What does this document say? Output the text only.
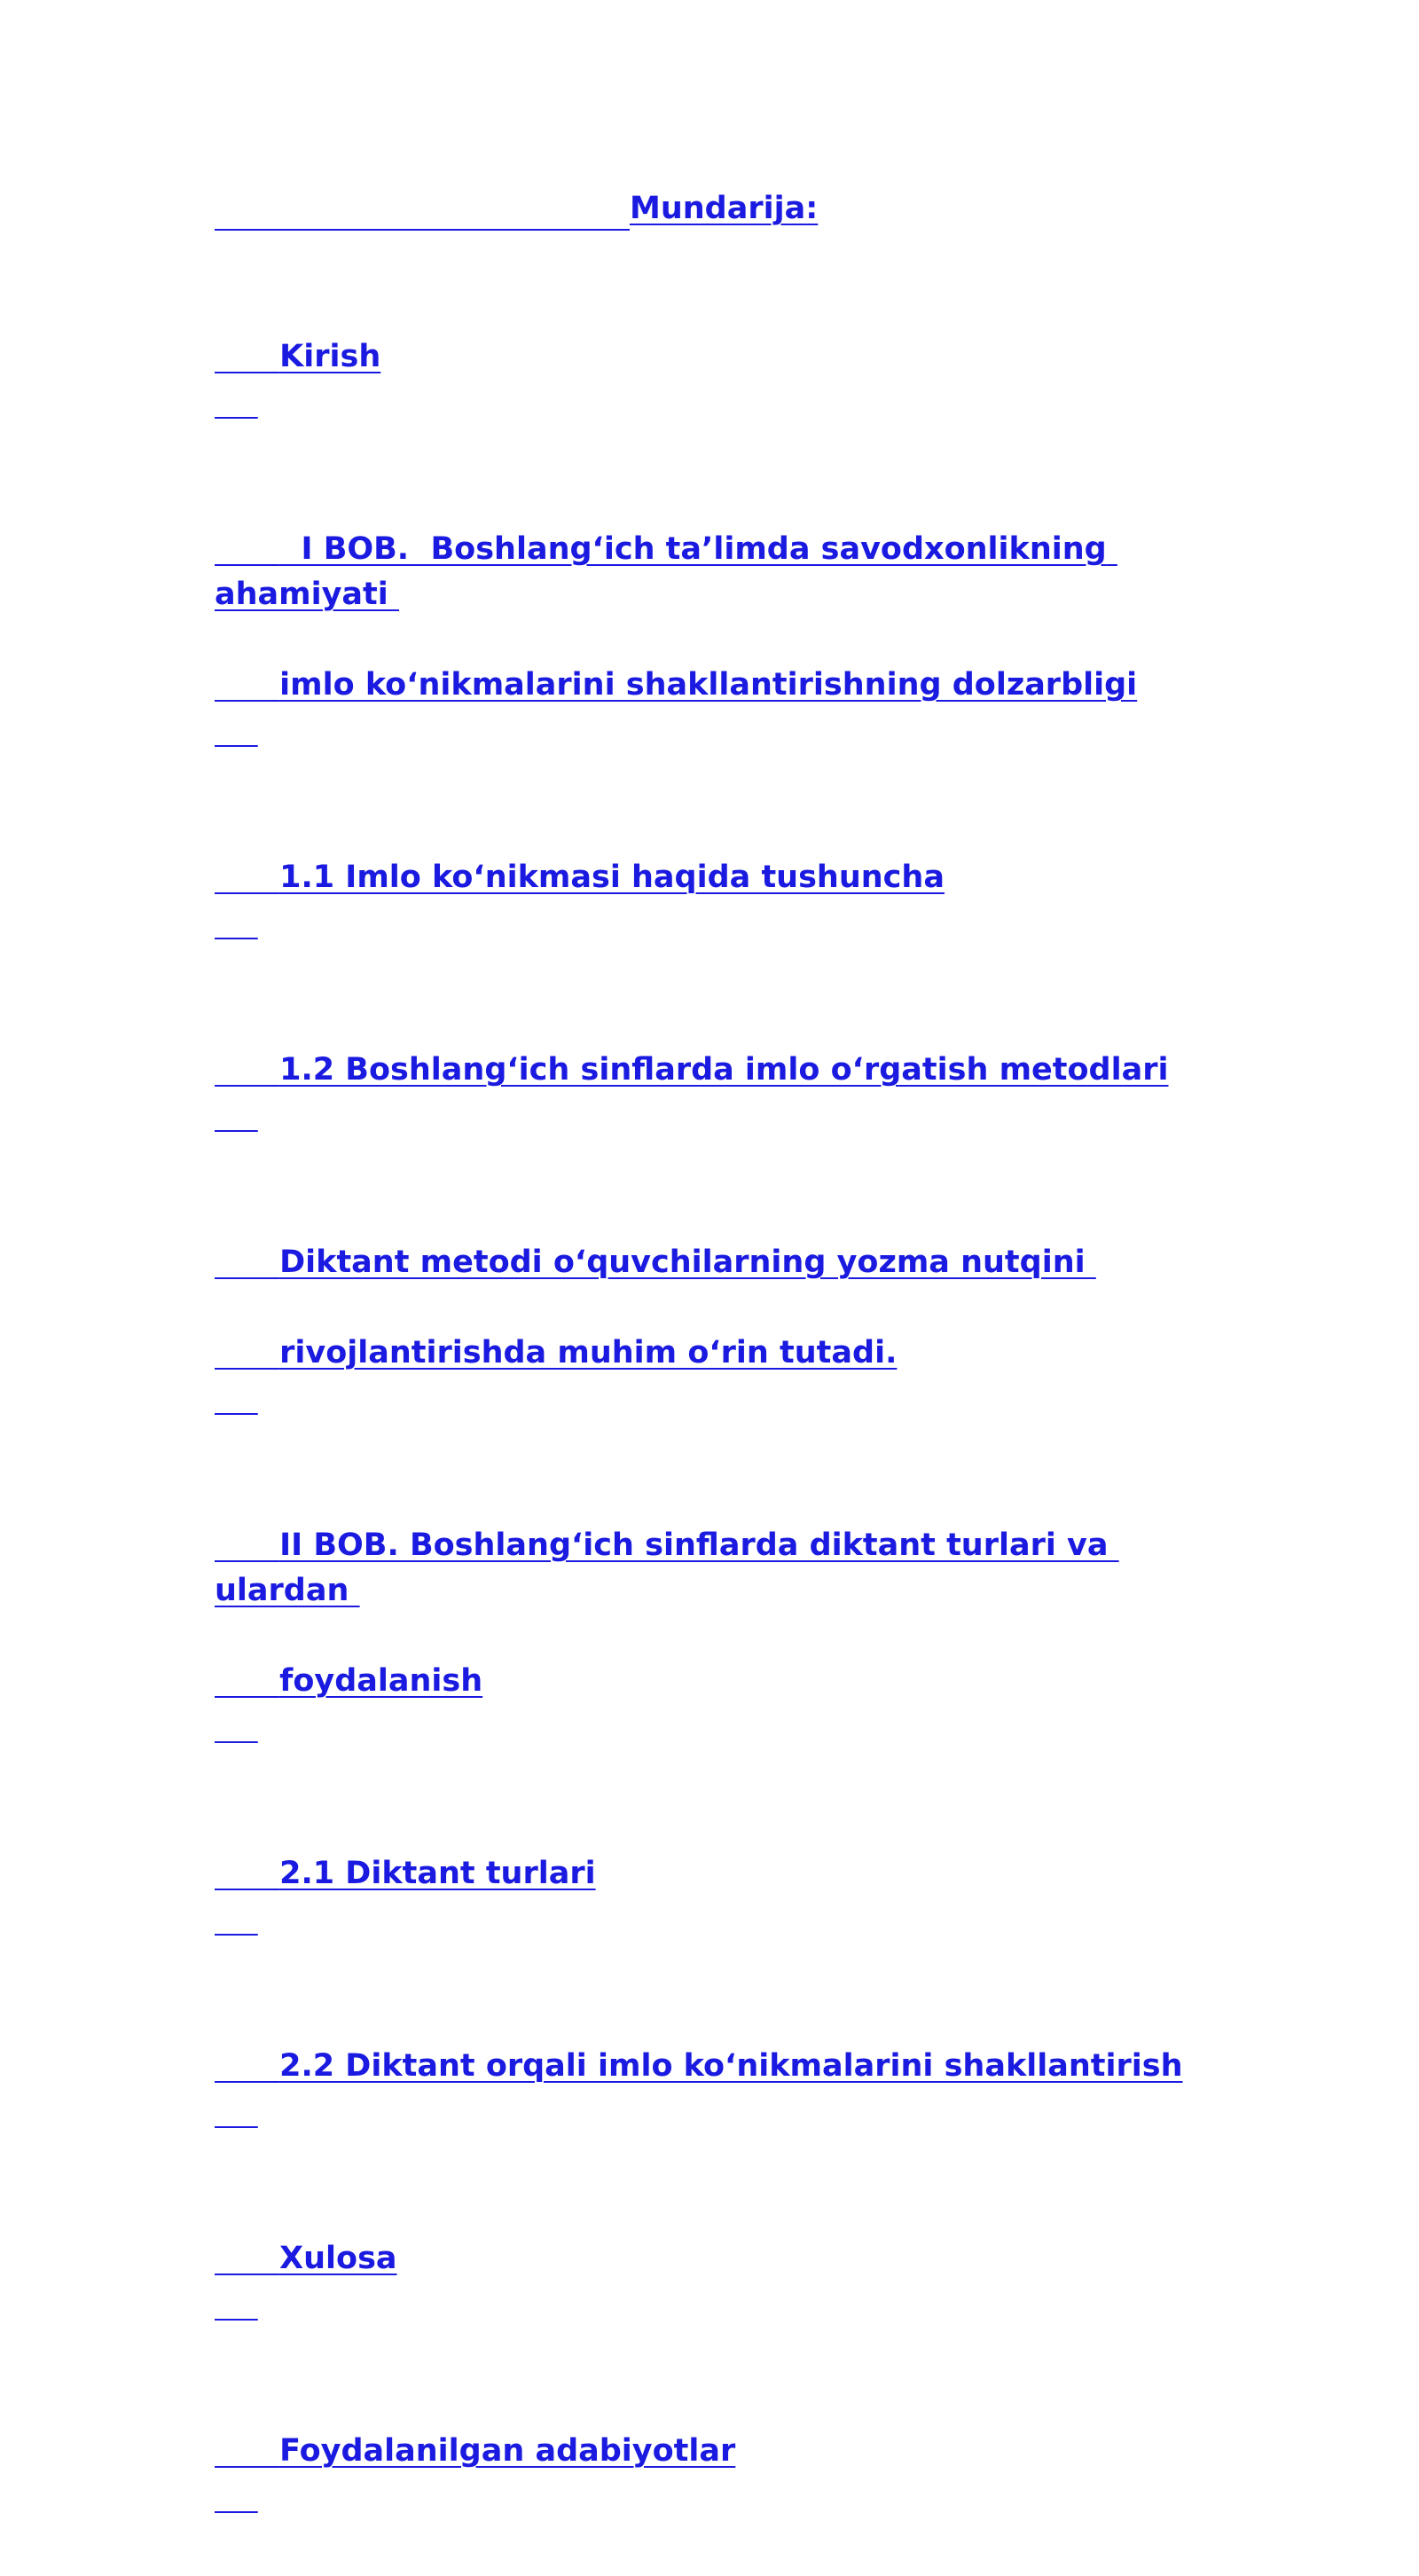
Mundarija:

Kirish

I BOB.  Boshlang‘ich ta’limda savodxonlikning ahamiyati

imlo ko‘nikmalarini shakllantirishning dolzarbligi

1.1 Imlo ko‘nikmasi haqida tushuncha

1.2 Boshlang‘ich sinflarda imlo o‘rgatish metodlari

Diktant metodi o‘quvchilarning yozma nutqini

rivojlantirishda muhim o‘rin tutadi.

II BOB. Boshlang‘ich sinflarda diktant turlari va ulardan

foydalanish

2.1 Diktant turlari

2.2 Diktant orqali imlo ko‘nikmalarini shakllantirish

Xulosa

Foydalanilgan adabiyotlar
